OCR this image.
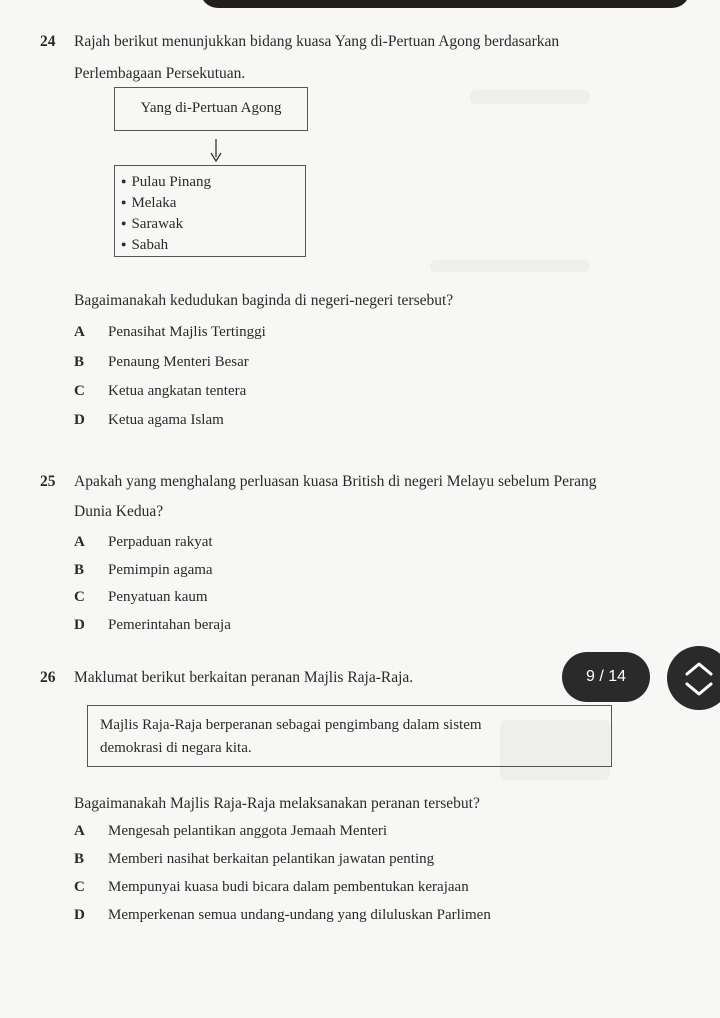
24 Rajah berikut menunjukkan bidang kuasa Yang di-Pertuan Agong berdasarkan
Perlembagaan Persekutuan.
Yang di-Pertuan Agong
● Pulau Pinang
● Melaka
● Sarawak
● Sabah
Bagaimanakah kedudukan baginda di negeri-negeri tersebut?
A Penasihat Majlis Tertinggi
B Penaung Menteri Besar
C Ketua angkatan tentera
D Ketua agama Islam
25 Apakah yang menghalang perluasan kuasa British di negeri Melayu sebelum Perang
Dunia Kedua?
A Perpaduan rakyat
B Pemimpin agama
C Penyatuan kaum
D Pemerintahan beraja
26 Maklumat berikut berkaitan peranan Majlis Raja-Raja.
Majlis Raja-Raja berperanan sebagai pengimbang dalam sistem
demokrasi di negara kita.
Bagaimanakah Majlis Raja-Raja melaksanakan peranan tersebut?
A Mengesah pelantikan anggota Jemaah Menteri
B Memberi nasihat berkaitan pelantikan jawatan penting
C Mempunyai kuasa budi bicara dalam pembentukan kerajaan
D Memperkenan semua undang-undang yang diluluskan Parlimen
9 / 14
